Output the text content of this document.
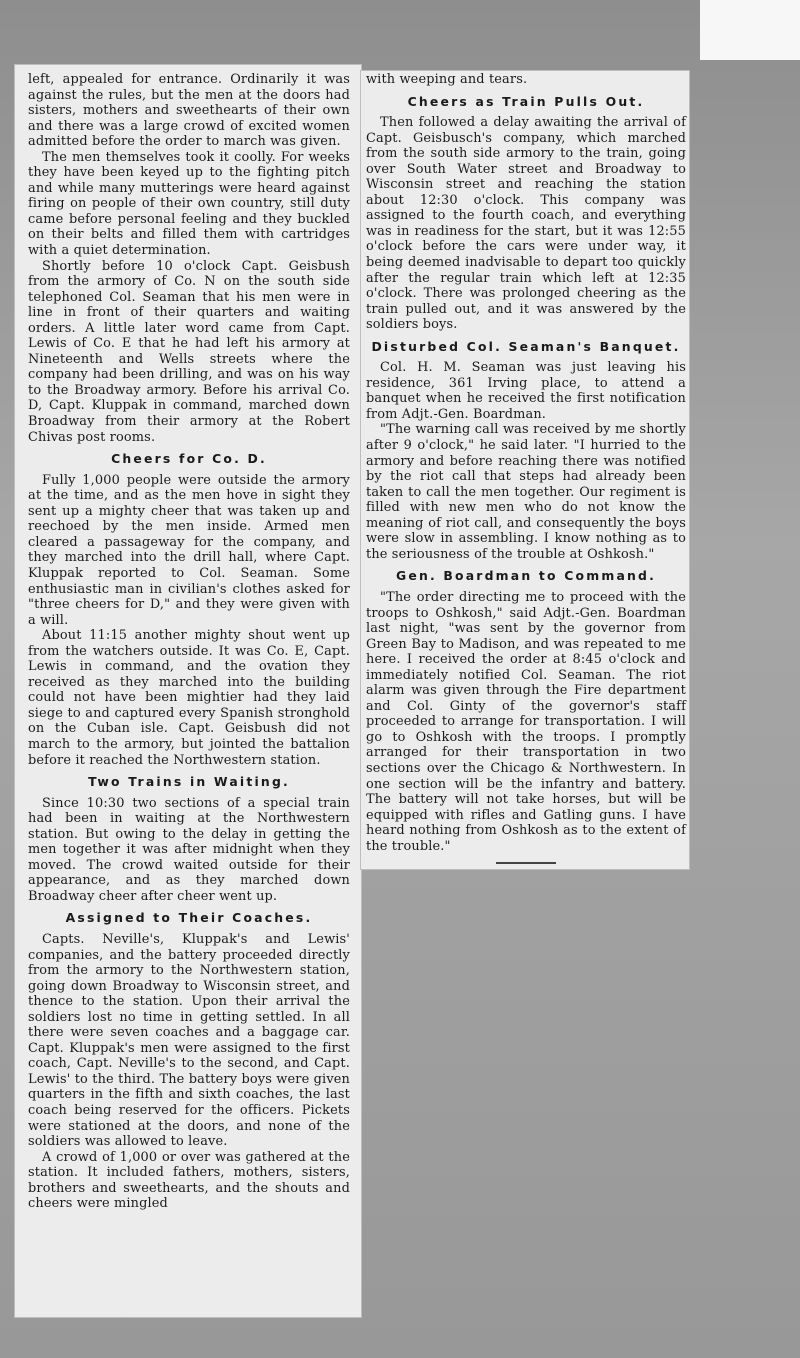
left, appealed for entrance. Ordinarily it was against the rules, but the men at the doors had sisters, mothers and sweethearts of their own and there was a large crowd of excited women admitted before the order to march was given.

The men themselves took it coolly. For weeks they have been keyed up to the fighting pitch and while many mutterings were heard against firing on people of their own country, still duty came before personal feeling and they buckled on their belts and filled them with cartridges with a quiet determination.

Shortly before 10 o'clock Capt. Geisbush from the armory of Co. N on the south side telephoned Col. Seaman that his men were in line in front of their quarters and waiting orders. A little later word came from Capt. Lewis of Co. E that he had left his armory at Nineteenth and Wells streets where the company had been drilling, and was on his way to the Broadway armory. Before his arrival Co. D, Capt. Kluppak in command, marched down Broadway from their armory at the Robert Chivas post rooms.

Cheers for Co. D.

Fully 1,000 people were outside the armory at the time, and as the men hove in sight they sent up a mighty cheer that was taken up and reechoed by the men inside. Armed men cleared a passageway for the company, and they marched into the drill hall, where Capt. Kluppak reported to Col. Seaman. Some enthusiastic man in civilian's clothes asked for "three cheers for D," and they were given with a will.

About 11:15 another mighty shout went up from the watchers outside. It was Co. E, Capt. Lewis in command, and the ovation they received as they marched into the building could not have been mightier had they laid siege to and captured every Spanish stronghold on the Cuban isle. Capt. Geisbush did not march to the armory, but jointed the battalion before it reached the Northwestern station.

Two Trains in Waiting.

Since 10:30 two sections of a special train had been in waiting at the Northwestern station. But owing to the delay in getting the men together it was after midnight when they moved. The crowd waited outside for their appearance, and as they marched down Broadway cheer after cheer went up.

Assigned to Their Coaches.

Capts. Neville's, Kluppak's and Lewis' companies, and the battery proceeded directly from the armory to the Northwestern station, going down Broadway to Wisconsin street, and thence to the station. Upon their arrival the soldiers lost no time in getting settled. In all there were seven coaches and a baggage car. Capt. Kluppak's men were assigned to the first coach, Capt. Neville's to the second, and Capt. Lewis' to the third. The battery boys were given quarters in the fifth and sixth coaches, the last coach being reserved for the officers. Pickets were stationed at the doors, and none of the soldiers was allowed to leave.

A crowd of 1,000 or over was gathered at the station. It included fathers, mothers, sisters, brothers and sweethearts, and the shouts and cheers were mingled

with weeping and tears.

Cheers as Train Pulls Out.

Then followed a delay awaiting the arrival of Capt. Geisbusch's company, which marched from the south side armory to the train, going over South Water street and Broadway to Wisconsin street and reaching the station about 12:30 o'clock. This company was assigned to the fourth coach, and everything was in readiness for the start, but it was 12:55 o'clock before the cars were under way, it being deemed inadvisable to depart too quickly after the regular train which left at 12:35 o'clock. There was prolonged cheering as the train pulled out, and it was answered by the soldiers boys.

Disturbed Col. Seaman's Banquet.

Col. H. M. Seaman was just leaving his residence, 361 Irving place, to attend a banquet when he received the first notification from Adjt.-Gen. Boardman.

"The warning call was received by me shortly after 9 o'clock," he said later. "I hurried to the armory and before reaching there was notified by the riot call that steps had already been taken to call the men together. Our regiment is filled with new men who do not know the meaning of riot call, and consequently the boys were slow in assembling. I know nothing as to the seriousness of the trouble at Oshkosh."

Gen. Boardman to Command.

"The order directing me to proceed with the troops to Oshkosh," said Adjt.-Gen. Boardman last night, "was sent by the governor from Green Bay to Madison, and was repeated to me here. I received the order at 8:45 o'clock and immediately notified Col. Seaman. The riot alarm was given through the Fire department and Col. Ginty of the governor's staff proceeded to arrange for transportation. I will go to Oshkosh with the troops. I promptly arranged for their transportation in two sections over the Chicago & Northwestern. In one section will be the infantry and battery. The battery will not take horses, but will be equipped with rifles and Gatling guns. I have heard nothing from Oshkosh as to the extent of the trouble."
